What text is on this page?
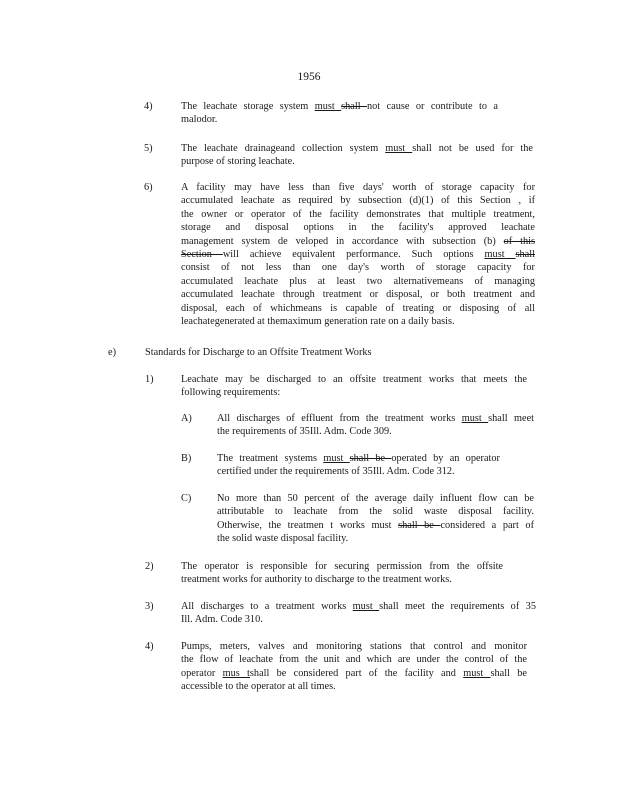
1956
4)	The leachate storage system must shall not cause or contribute to a
malodor.
5)	The leachate drainageand collection system must shall not be used for the
purpose of storing leachate.
6)	A facility may have less than five days' worth of storage capacity for
accumulated leachate as required by subsection (d)(1) of this Section , if
the owner or operator of the facility demonstrates that multiple treatment,
storage and disposal options in the facility's approved leachate
management system de veloped in accordance with subsection (b) of this
Section will achieve equivalent performance. Such options must shall
consist of not less than one day's worth of storage capacity for
accumulated leachate plus at least two alternativemeans of managing
accumulated leachate through treatment or disposal, or both treatment and
disposal, each of whichmeans is capable of treating or disposing of all
leachategenerated at themaximum generation rate on a daily basis.
e)	Standards for Discharge to an Offsite Treatment Works
1)	Leachate may be discharged to an offsite treatment works that meets the
following requirements:
A) All discharges of effluent from the treatment works must shall meet
the requirements of 35Ill. Adm. Code 309.
B) The treatment systems must shall be operated by an operator
certified under the requirements of 35Ill. Adm. Code 312.
C) No more than 50 percent of the average daily influent flow can be
attributable to leachate from the solid waste disposal facility.
Otherwise, the treatmen t works must shall be considered a part of
the solid waste disposal facility.
2)	The operator is responsible for securing permission from the offsite
treatment works for authority to discharge to the treatment works.
3)	All discharges to a treatment works must shall meet the requirements of 35
Ill. Adm. Code 310.
4)	Pumps, meters, valves and monitoring stations that control and monitor
the flow of leachate from the unit and which are under the control of the
operator mus tshall be considered part of the facility and must shall be
accessible to the operator at all times.
